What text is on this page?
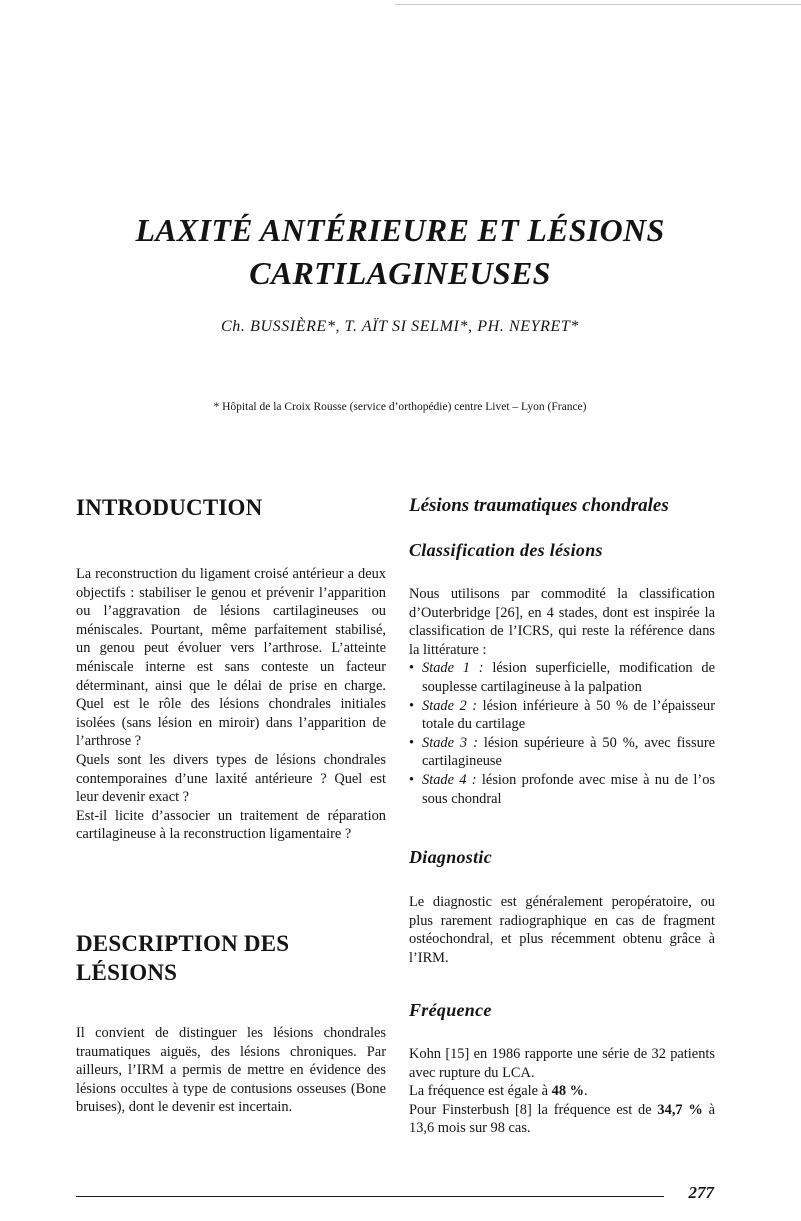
LAXITÉ ANTÉRIEURE ET LÉSIONS
CARTILAGINEUSES
Ch. BUSSIÈRE*, T. AÏT SI SELMI*, PH. NEYRET*
* Hôpital de la Croix Rousse (service d’orthopédie) centre Livet – Lyon (France)
INTRODUCTION

La reconstruction du ligament croisé antérieur a deux objectifs : stabiliser le genou et prévenir l’apparition ou l’aggravation de lésions cartilagineuses ou méniscales. Pourtant, même parfaitement stabilisé, un genou peut évoluer vers l’arthrose. L’atteinte méniscale interne est sans conteste un facteur déterminant, ainsi que le délai de prise en charge. Quel est le rôle des lésions chondrales initiales isolées (sans lésion en miroir) dans l’apparition de l’arthrose ?

Quels sont les divers types de lésions chondrales contemporaines d’une laxité antérieure ? Quel est leur devenir exact ?

Est-il licite d’associer un traitement de réparation cartilagineuse à la reconstruction ligamentaire ?

DESCRIPTION DES
LÉSIONS

Il convient de distinguer les lésions chondrales traumatiques aiguës, des lésions chroniques. Par ailleurs, l’IRM a permis de mettre en évidence des lésions occultes à type de contusions osseuses (Bone bruises), dont le devenir est incertain.

Lésions traumatiques chondrales
Classification des lésions

Nous utilisons par commodité la classification d’Outerbridge [26], en 4 stades, dont est inspirée la classification de l’ICRS, qui reste la référence dans la littérature :

• Stade 1 : lésion superficielle, modification de souplesse cartilagineuse à la palpation
• Stade 2 : lésion inférieure à 50 % de l’épaisseur totale du cartilage
• Stade 3 : lésion supérieure à 50 %, avec fissure cartilagineuse
• Stade 4 : lésion profonde avec mise à nu de l’os sous chondral
Diagnostic

Le diagnostic est généralement peropératoire, ou plus rarement radiographique en cas de fragment ostéochondral, et plus récemment obtenu grâce à l’IRM.

Fréquence

Kohn [15] en 1986 rapporte une série de 32 patients avec rupture du LCA.

La fréquence est égale à 48 %.

Pour Finsterbush [8] la fréquence est de 34,7 % à 13,6 mois sur 98 cas.

277
